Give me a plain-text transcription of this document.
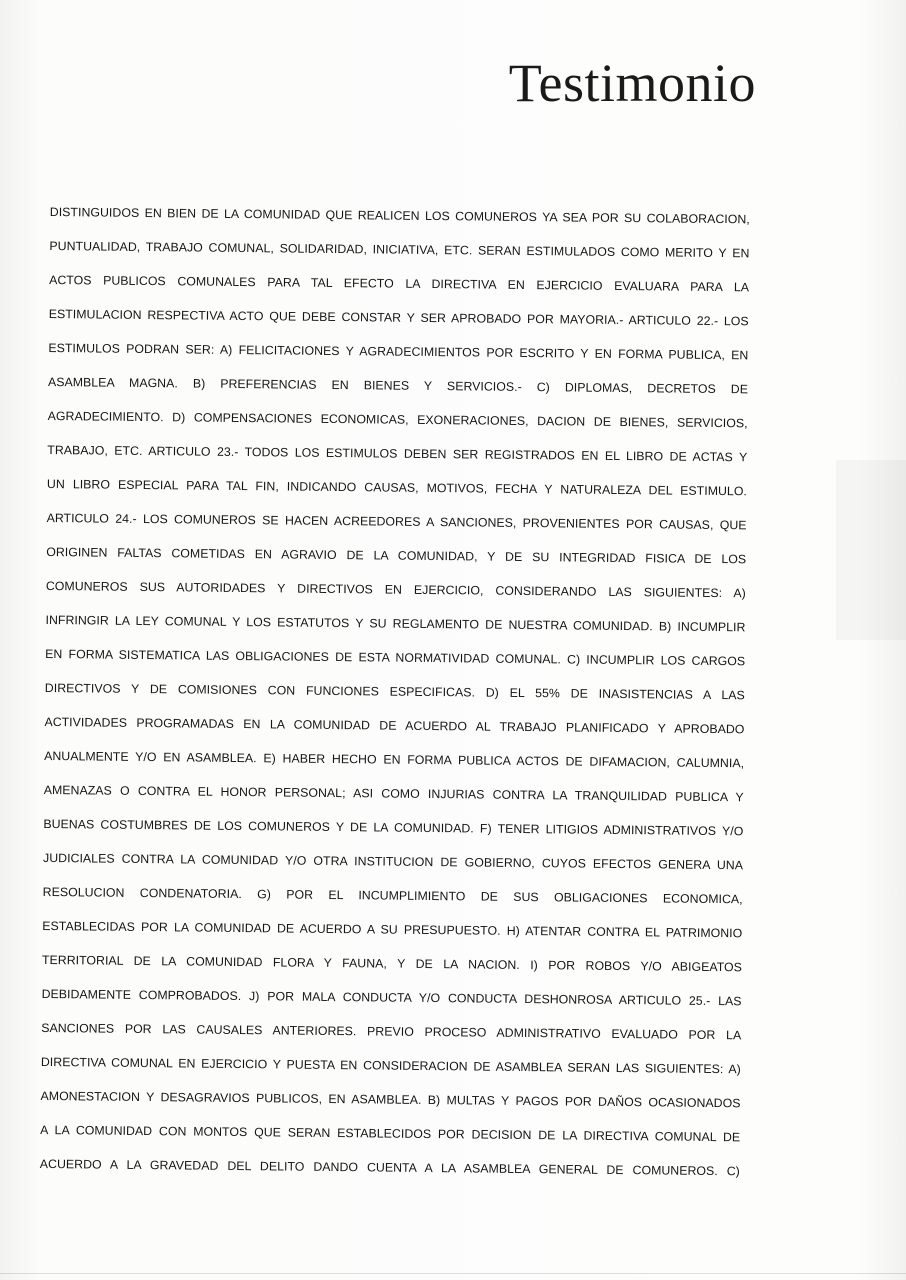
Testimonio
DISTINGUIDOS EN BIEN DE LA COMUNIDAD QUE REALICEN LOS COMUNEROS YA SEA POR SU COLABORACION,
PUNTUALIDAD, TRABAJO COMUNAL, SOLIDARIDAD, INICIATIVA, ETC. SERAN ESTIMULADOS COMO MERITO Y EN
ACTOS PUBLICOS COMUNALES PARA TAL EFECTO LA DIRECTIVA EN EJERCICIO EVALUARA PARA LA
ESTIMULACION RESPECTIVA ACTO QUE DEBE CONSTAR Y SER APROBADO POR MAYORIA.- ARTICULO 22.- LOS
ESTIMULOS PODRAN SER: A) FELICITACIONES Y AGRADECIMIENTOS POR ESCRITO Y EN FORMA PUBLICA, EN
ASAMBLEA MAGNA. B) PREFERENCIAS EN BIENES Y SERVICIOS.- C) DIPLOMAS, DECRETOS DE
AGRADECIMIENTO. D) COMPENSACIONES ECONOMICAS, EXONERACIONES, DACION DE BIENES, SERVICIOS,
TRABAJO, ETC. ARTICULO 23.- TODOS LOS ESTIMULOS DEBEN SER REGISTRADOS EN EL LIBRO DE ACTAS Y
UN LIBRO ESPECIAL PARA TAL FIN, INDICANDO CAUSAS, MOTIVOS, FECHA Y NATURALEZA DEL ESTIMULO.
ARTICULO 24.- LOS COMUNEROS SE HACEN ACREEDORES A SANCIONES, PROVENIENTES POR CAUSAS, QUE
ORIGINEN FALTAS COMETIDAS EN AGRAVIO DE LA COMUNIDAD, Y DE SU INTEGRIDAD FISICA DE LOS
COMUNEROS SUS AUTORIDADES Y DIRECTIVOS EN EJERCICIO, CONSIDERANDO LAS SIGUIENTES: A)
INFRINGIR LA LEY COMUNAL Y LOS ESTATUTOS Y SU REGLAMENTO DE NUESTRA COMUNIDAD. B) INCUMPLIR
EN FORMA SISTEMATICA LAS OBLIGACIONES DE ESTA NORMATIVIDAD COMUNAL. C) INCUMPLIR LOS CARGOS
DIRECTIVOS Y DE COMISIONES CON FUNCIONES ESPECIFICAS. D) EL 55% DE INASISTENCIAS A LAS
ACTIVIDADES PROGRAMADAS EN LA COMUNIDAD DE ACUERDO AL TRABAJO PLANIFICADO Y APROBADO
ANUALMENTE Y/O EN ASAMBLEA. E) HABER HECHO EN FORMA PUBLICA ACTOS DE DIFAMACION, CALUMNIA,
AMENAZAS O CONTRA EL HONOR PERSONAL; ASI COMO INJURIAS CONTRA LA TRANQUILIDAD PUBLICA Y
BUENAS COSTUMBRES DE LOS COMUNEROS Y DE LA COMUNIDAD. F) TENER LITIGIOS ADMINISTRATIVOS Y/O
JUDICIALES CONTRA LA COMUNIDAD Y/O OTRA INSTITUCION DE GOBIERNO, CUYOS EFECTOS GENERA UNA
RESOLUCION CONDENATORIA. G) POR EL INCUMPLIMIENTO DE SUS OBLIGACIONES ECONOMICA,
ESTABLECIDAS POR LA COMUNIDAD DE ACUERDO A SU PRESUPUESTO. H) ATENTAR CONTRA EL PATRIMONIO
TERRITORIAL DE LA COMUNIDAD FLORA Y FAUNA, Y DE LA NACION. I) POR ROBOS Y/O ABIGEATOS
DEBIDAMENTE COMPROBADOS. J) POR MALA CONDUCTA Y/O CONDUCTA DESHONROSA ARTICULO 25.- LAS
SANCIONES POR LAS CAUSALES ANTERIORES. PREVIO PROCESO ADMINISTRATIVO EVALUADO POR LA
DIRECTIVA COMUNAL EN EJERCICIO Y PUESTA EN CONSIDERACION DE ASAMBLEA SERAN LAS SIGUIENTES: A)
AMONESTACION Y DESAGRAVIOS PUBLICOS, EN ASAMBLEA. B) MULTAS Y PAGOS POR DAÑOS OCASIONADOS
A LA COMUNIDAD CON MONTOS QUE SERAN ESTABLECIDOS POR DECISION DE LA DIRECTIVA COMUNAL DE
ACUERDO A LA GRAVEDAD DEL DELITO DANDO CUENTA A LA ASAMBLEA GENERAL DE COMUNEROS. C)
